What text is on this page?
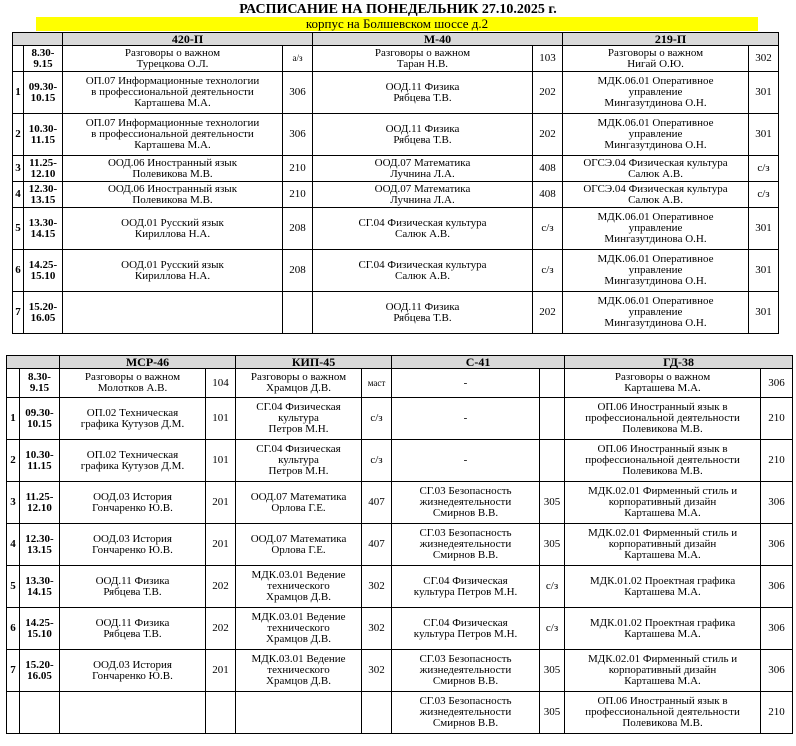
РАСПИСАНИЕ НА ПОНЕДЕЛЬНИК 27.10.2025 г.
корпус на Болшевском шоссе д.2
		420-П		М-40		219-П	
	8.30-
9.15	Разговоры о важном
Турецкова О.Л.	а/з	Разговоры о важном
Таран Н.В.	103	Разговоры о важном
Нигай О.Ю.	302
1	09.30-
10.15	ОП.07 Информационные технологии
в профессиональной деятельности
Карташева М.А.	306	ООД.11 Физика
Рябцева Т.В.	202	МДК.06.01 Оперативное
управление
Мингазутдинова О.Н.	301
2	10.30-
11.15	ОП.07 Информационные технологии
в профессиональной деятельности
Карташева М.А.	306	ООД.11 Физика
Рябцева Т.В.	202	МДК.06.01 Оперативное
управление
Мингазутдинова О.Н.	301
3	11.25-
12.10	ООД.06 Иностранный язык
Полевикова М.В.	210	ООД.07 Математика
Лучнина Л.А.	408	ОГСЭ.04 Физическая культура
Салюк А.В.	с/з
4	12.30-
13.15	ООД.06 Иностранный язык
Полевикова М.В.	210	ООД.07 Математика
Лучнина Л.А.	408	ОГСЭ.04 Физическая культура
Салюк А.В.	с/з
5	13.30-
14.15	ООД.01 Русский язык
Кириллова Н.А.	208	СГ.04 Физическая культура
Салюк А.В.	с/з	МДК.06.01 Оперативное
управление
Мингазутдинова О.Н.	301
6	14.25-
15.10	ООД.01 Русский язык
Кириллова Н.А.	208	СГ.04 Физическая культура
Салюк А.В.	с/з	МДК.06.01 Оперативное
управление
Мингазутдинова О.Н.	301
7	15.20-
16.05			ООД.11 Физика
Рябцева Т.В.	202	МДК.06.01 Оперативное
управление
Мингазутдинова О.Н.	301
		МСР-46		КИП-45		С-41		ГД-38	
	8.30-
9.15	Разговоры о важном
Молотков А.В.	104	Разговоры о важном
Храмцов Д.В.	маст	-		Разговоры о важном
Карташева М.А.	306
1	09.30-
10.15	ОП.02 Техническая
графика Кутузов Д.М.	101	СГ.04 Физическая
культура
Петров М.Н.	с/з	-		ОП.06 Иностранный язык в
профессиональной деятельности
Полевикова М.В.	210
2	10.30-
11.15	ОП.02 Техническая
графика Кутузов Д.М.	101	СГ.04 Физическая
культура
Петров М.Н.	с/з	-		ОП.06 Иностранный язык в
профессиональной деятельности
Полевикова М.В.	210
3	11.25-
12.10	ООД.03 История
Гончаренко Ю.В.	201	ООД.07 Математика
Орлова Г.Е.	407	СГ.03 Безопасность
жизнедеятельности
Смирнов В.В.	305	МДК.02.01 Фирменный стиль и
корпоративный дизайн
Карташева М.А.	306
4	12.30-
13.15	ООД.03 История
Гончаренко Ю.В.	201	ООД.07 Математика
Орлова Г.Е.	407	СГ.03 Безопасность
жизнедеятельности
Смирнов В.В.	305	МДК.02.01 Фирменный стиль и
корпоративный дизайн
Карташева М.А.	306
5	13.30-
14.15	ООД.11 Физика
Рябцева Т.В.	202	МДК.03.01 Ведение
технического
Храмцов Д.В.	302	СГ.04 Физическая
культура Петров М.Н.	с/з	МДК.01.02 Проектная графика
Карташева М.А.	306
6	14.25-
15.10	ООД.11 Физика
Рябцева Т.В.	202	МДК.03.01 Ведение
технического
Храмцов Д.В.	302	СГ.04 Физическая
культура Петров М.Н.	с/з	МДК.01.02 Проектная графика
Карташева М.А.	306
7	15.20-
16.05	ООД.03 История
Гончаренко Ю.В.	201	МДК.03.01 Ведение
технического
Храмцов Д.В.	302	СГ.03 Безопасность
жизнедеятельности
Смирнов В.В.	305	МДК.02.01 Фирменный стиль и
корпоративный дизайн
Карташева М.А.	306
						СГ.03 Безопасность
жизнедеятельности
Смирнов В.В.	305	ОП.06 Иностранный язык в
профессиональной деятельности
Полевикова М.В.	210
